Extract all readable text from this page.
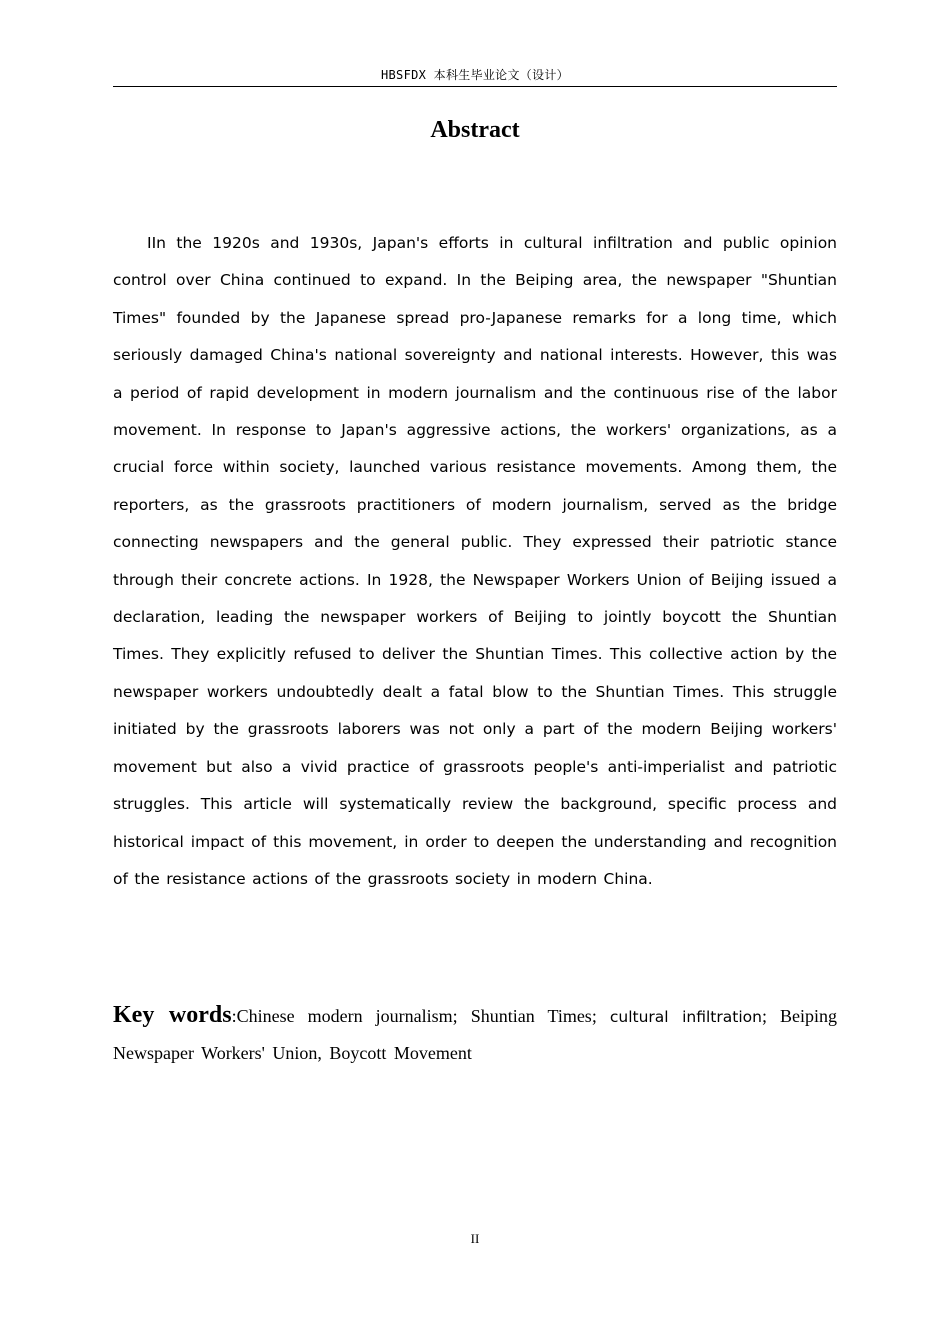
HBSFDX 本科生毕业论文（设计）
Abstract

IIn the 1920s and 1930s, Japan's efforts in cultural infiltration and public opinion control over China continued to expand. In the Beiping area, the newspaper "Shuntian Times" founded by the Japanese spread pro-Japanese remarks for a long time, which seriously damaged China's national sovereignty and national interests. However, this was a period of rapid development in modern journalism and the continuous rise of the labor movement. In response to Japan's aggressive actions, the workers' organizations, as a crucial force within society, launched various resistance movements. Among them, the reporters, as the grassroots practitioners of modern journalism, served as the bridge connecting newspapers and the general public. They expressed their patriotic stance through their concrete actions. In 1928, the Newspaper Workers Union of Beijing issued a declaration, leading the newspaper workers of Beijing to jointly boycott the Shuntian Times. They explicitly refused to deliver the Shuntian Times. This collective action by the newspaper workers undoubtedly dealt a fatal blow to the Shuntian Times. This struggle initiated by the grassroots laborers was not only a part of the modern Beijing workers' movement but also a vivid practice of grassroots people's anti-imperialist and patriotic struggles. This article will systematically review the background, specific process and historical impact of this movement, in order to deepen the understanding and recognition of the resistance actions of the grassroots society in modern China.

Key words:Chinese modern journalism; Shuntian Times; cultural infiltration; Beiping Newspaper Workers' Union, Boycott Movement

II
